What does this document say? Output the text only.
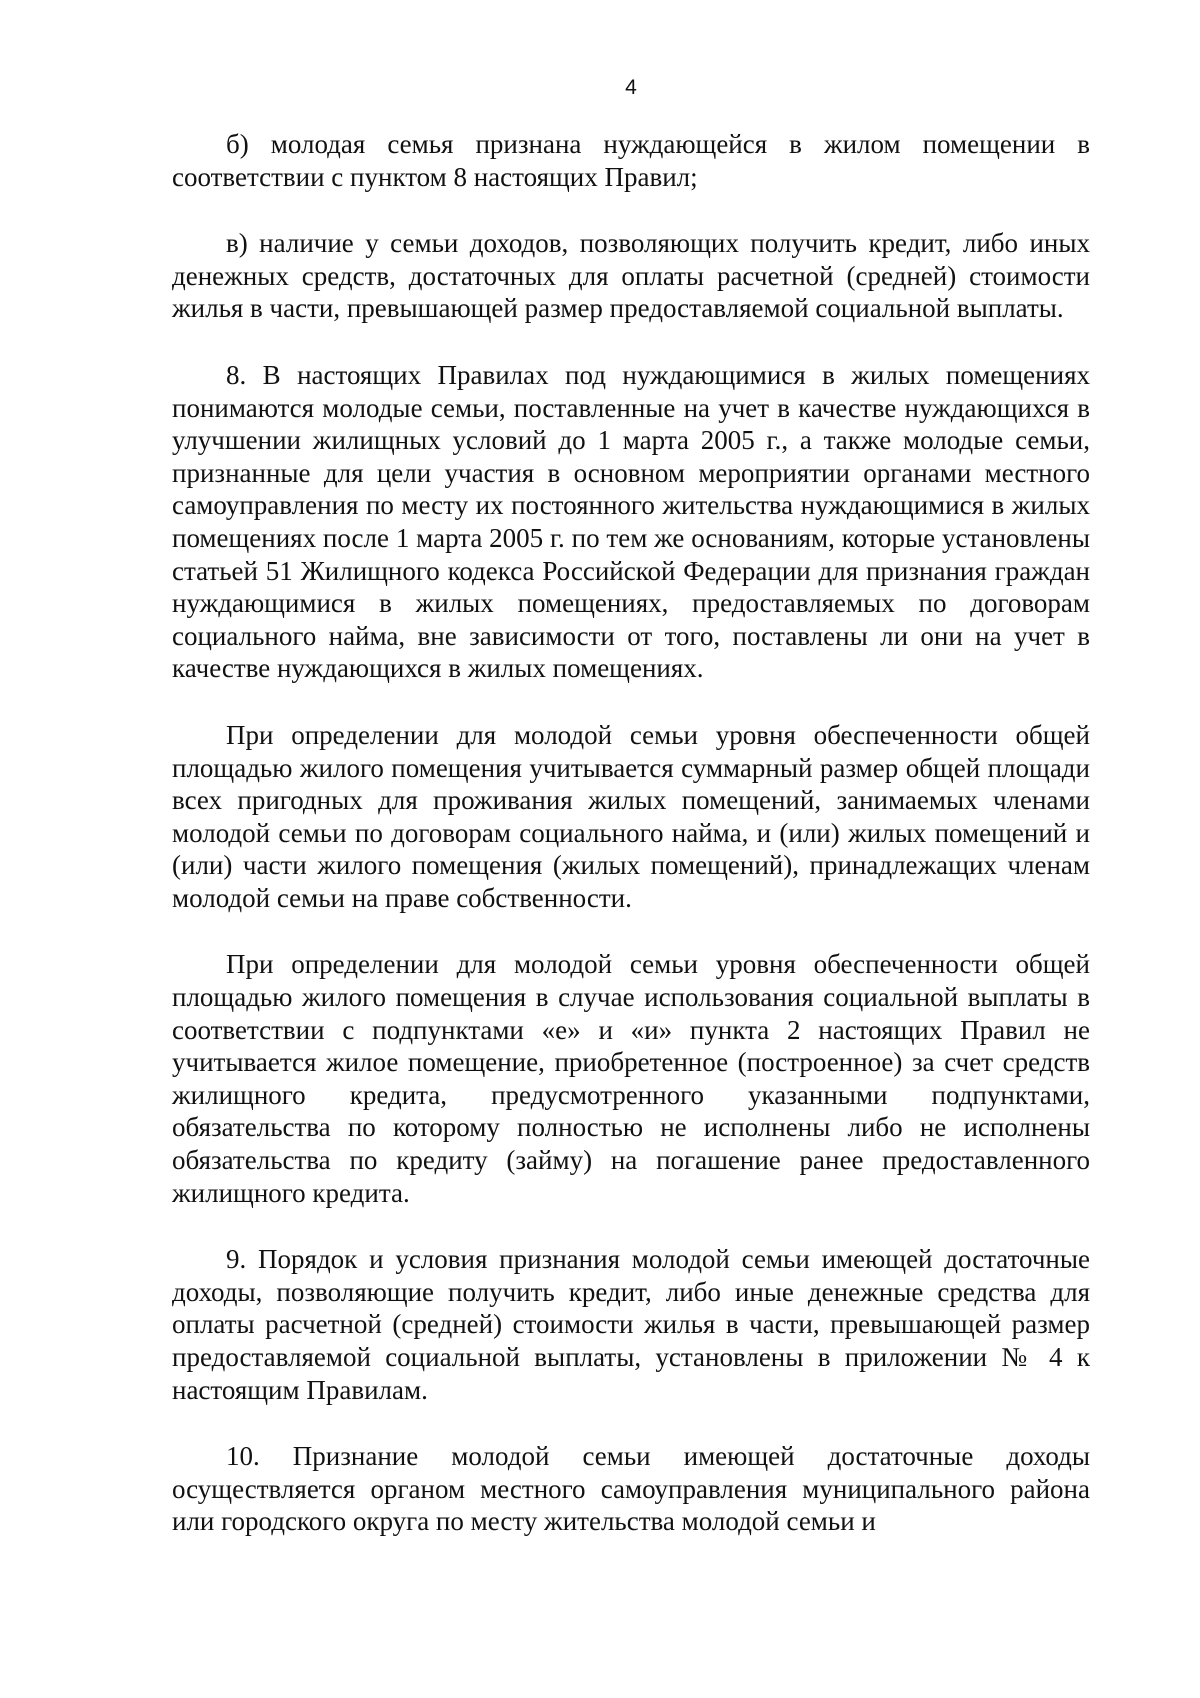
4

б) молодая семья признана нуждающейся в жилом помещении в соответствии с пунктом 8 настоящих Правил;

в) наличие у семьи доходов, позволяющих получить кредит, либо иных денежных средств, достаточных для оплаты расчетной (средней) стоимости жилья в части, превышающей размер предоставляемой социальной выплаты.

8. В настоящих Правилах под нуждающимися в жилых помещениях понимаются молодые семьи, поставленные на учет в качестве нуждающихся в улучшении жилищных условий до 1 марта 2005 г., а также молодые семьи, признанные для цели участия в основном мероприятии органами местного самоуправления по месту их постоянного жительства нуждающимися в жилых помещениях после 1 марта 2005 г. по тем же основаниям, которые установлены статьей 51 Жилищного кодекса Российской Федерации для признания граждан нуждающимися в жилых помещениях, предоставляемых по договорам социального найма, вне зависимости от того, поставлены ли они на учет в качестве нуждающихся в жилых помещениях.

При определении для молодой семьи уровня обеспеченности общей площадью жилого помещения учитывается суммарный размер общей площади всех пригодных для проживания жилых помещений, занимаемых членами молодой семьи по договорам социального найма, и (или) жилых помещений и (или) части жилого помещения (жилых помещений), принадлежащих членам молодой семьи на праве собственности.

При определении для молодой семьи уровня обеспеченности общей площадью жилого помещения в случае использования социальной выплаты в соответствии с подпунктами «е» и «и» пункта 2 настоящих Правил не учитывается жилое помещение, приобретенное (построенное) за счет средств жилищного кредита, предусмотренного указанными подпунктами, обязательства по которому полностью не исполнены либо не исполнены обязательства по кредиту (займу) на погашение ранее предоставленного жилищного кредита.

9. Порядок и условия признания молодой семьи имеющей достаточные доходы, позволяющие получить кредит, либо иные денежные средства для оплаты расчетной (средней) стоимости жилья в части, превышающей размер предоставляемой социальной выплаты, установлены в приложении № 4 к настоящим Правилам.

10. Признание молодой семьи имеющей достаточные доходы осуществляется органом местного самоуправления муниципального района или городского округа по месту жительства молодой семьи и
